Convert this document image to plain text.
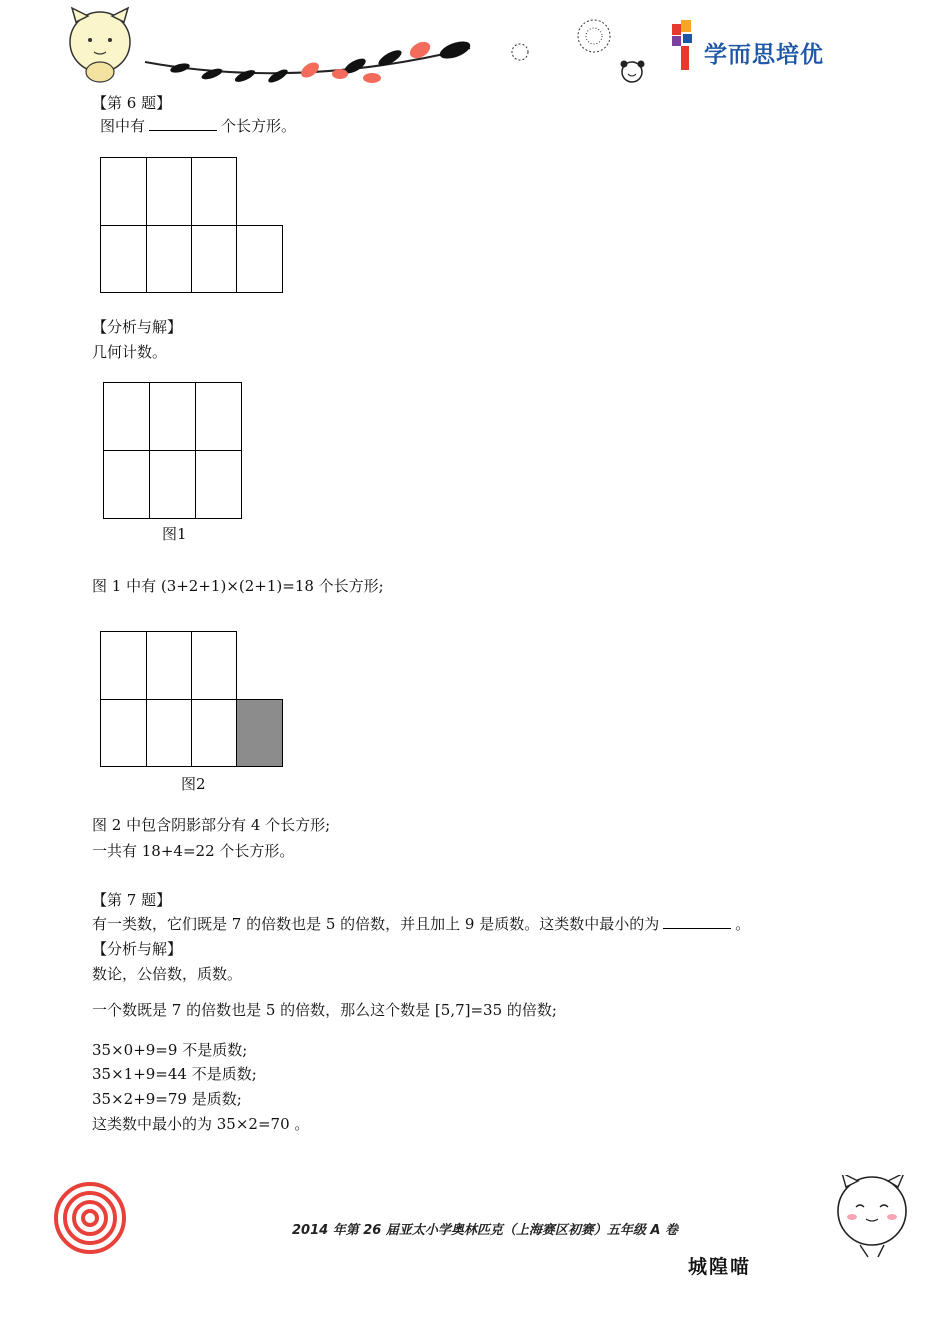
学而思培优
【第 6 题】
图中有	个长方形。
【分析与解】
几何计数。
图1
图 1 中有 (3+2+1)×(2+1)=18 个长方形;
图2
图 2 中包含阴影部分有 4 个长方形;
一共有 18+4=22 个长方形。
【第 7 题】
有一类数，它们既是 7 的倍数也是 5 的倍数，并且加上 9 是质数。这类数中最小的为	。
【分析与解】
数论，公倍数，质数。
一个数既是 7 的倍数也是 5 的倍数，那么这个数是 [5,7]=35 的倍数;
35×0+9=9 不是质数;
35×1+9=44 不是质数;
35×2+9=79 是质数;
这类数中最小的为 35×2=70 。
2014 年第 26 届亚太小学奥林匹克（上海赛区初赛）五年级 A 卷
城隍喵
